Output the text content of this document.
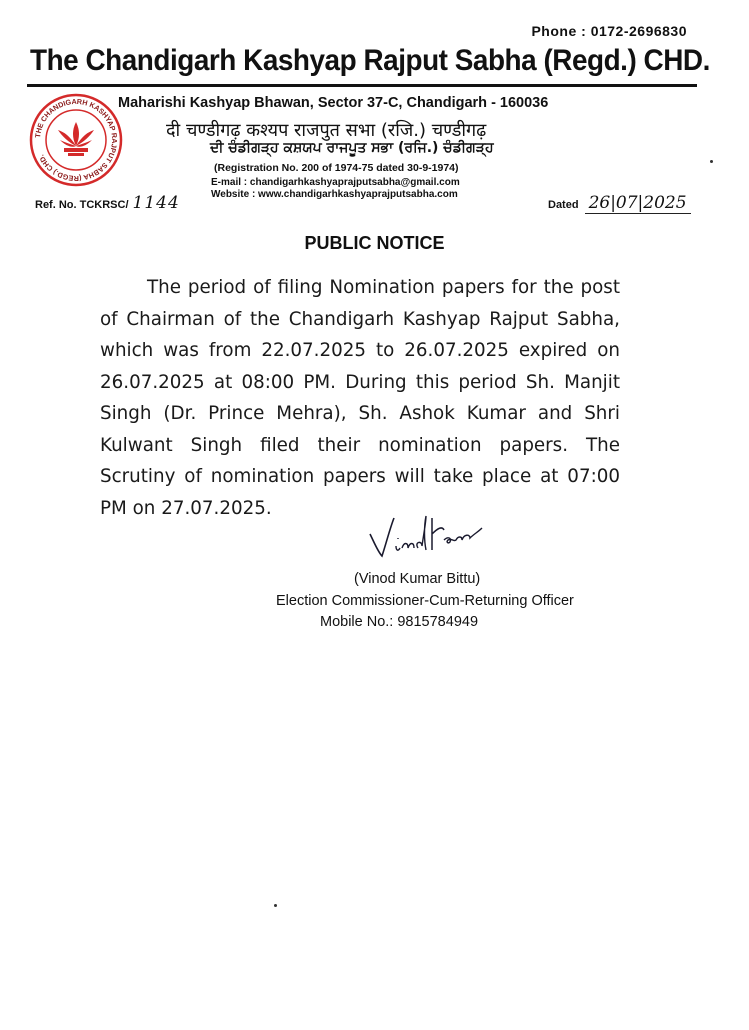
Phone : 0172-2696830
The Chandigarh Kashyap Rajput Sabha (Regd.) CHD.
THE CHANDIGARH KASHYAP RAJPUT SABHA (REGD.) CHD.
Maharishi Kashyap Bhawan, Sector 37-C, Chandigarh - 160036
दी चण्डीगढ़ कश्यप राजपुत सभा (रजि.) चण्डीगढ़
ਦੀ ਚੰਡੀਗੜ੍ਹ ਕਸ਼ਯਪ ਰਾਜਪੂਤ ਸਭਾ (ਰਜਿ.) ਚੰਡੀਗੜ੍ਹ
(Registration No. 200 of 1974-75 dated 30-9-1974)
E-mail : chandigarhkashyaprajputsabha@gmail.com
Website : www.chandigarhkashyaprajputsabha.com
Ref. No. TCKRSC/ 1144	Dated 26|07|2025
PUBLIC NOTICE
The period of filing Nomination papers for the post of Chairman of the Chandigarh Kashyap Rajput Sabha, which was from 22.07.2025 to 26.07.2025 expired on 26.07.2025 at 08:00 PM. During this period Sh. Manjit Singh (Dr. Prince Mehra), Sh. Ashok Kumar and Shri Kulwant Singh filed their nomination papers. The Scrutiny of nomination papers will take place at 07:00 PM on 27.07.2025.
(Vinod Kumar Bittu)
Election Commissioner-Cum-Returning Officer
Mobile No.: 9815784949
